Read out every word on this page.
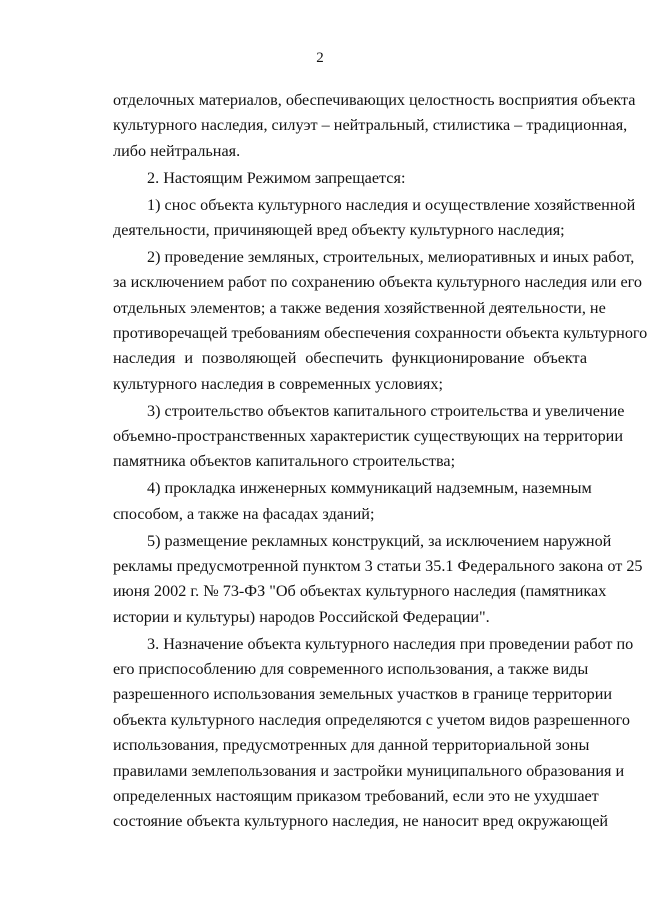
2
отделочных материалов, обеспечивающих целостность восприятия объекта
культурного наследия, силуэт – нейтральный, стилистика – традиционная,
либо нейтральная.
2. Настоящим Режимом запрещается:
1) снос объекта культурного наследия и осуществление хозяйственной
деятельности, причиняющей вред объекту культурного наследия;
2) проведение земляных, строительных, мелиоративных и иных работ,
за исключением работ по сохранению объекта культурного наследия или его
отдельных элементов; а также ведения хозяйственной деятельности, не
противоречащей требованиям обеспечения сохранности объекта культурного
наследия и позволяющей обеспечить функционирование объекта
культурного наследия в современных условиях;
3) строительство объектов капитального строительства и увеличение
объемно-пространственных характеристик существующих на территории
памятника объектов капитального строительства;
4) прокладка инженерных коммуникаций надземным, наземным
способом, а также на фасадах зданий;
5) размещение рекламных конструкций, за исключением наружной
рекламы предусмотренной пунктом 3 статьи 35.1 Федерального закона от 25
июня 2002 г. № 73-ФЗ "Об объектах культурного наследия (памятниках
истории и культуры) народов Российской Федерации".
3. Назначение объекта культурного наследия при проведении работ по
его приспособлению для современного использования, а также виды
разрешенного использования земельных участков в границе территории
объекта культурного наследия определяются с учетом видов разрешенного
использования, предусмотренных для данной территориальной зоны
правилами землепользования и застройки муниципального образования и
определенных настоящим приказом требований, если это не ухудшает
состояние объекта культурного наследия, не наносит вред окружающей
